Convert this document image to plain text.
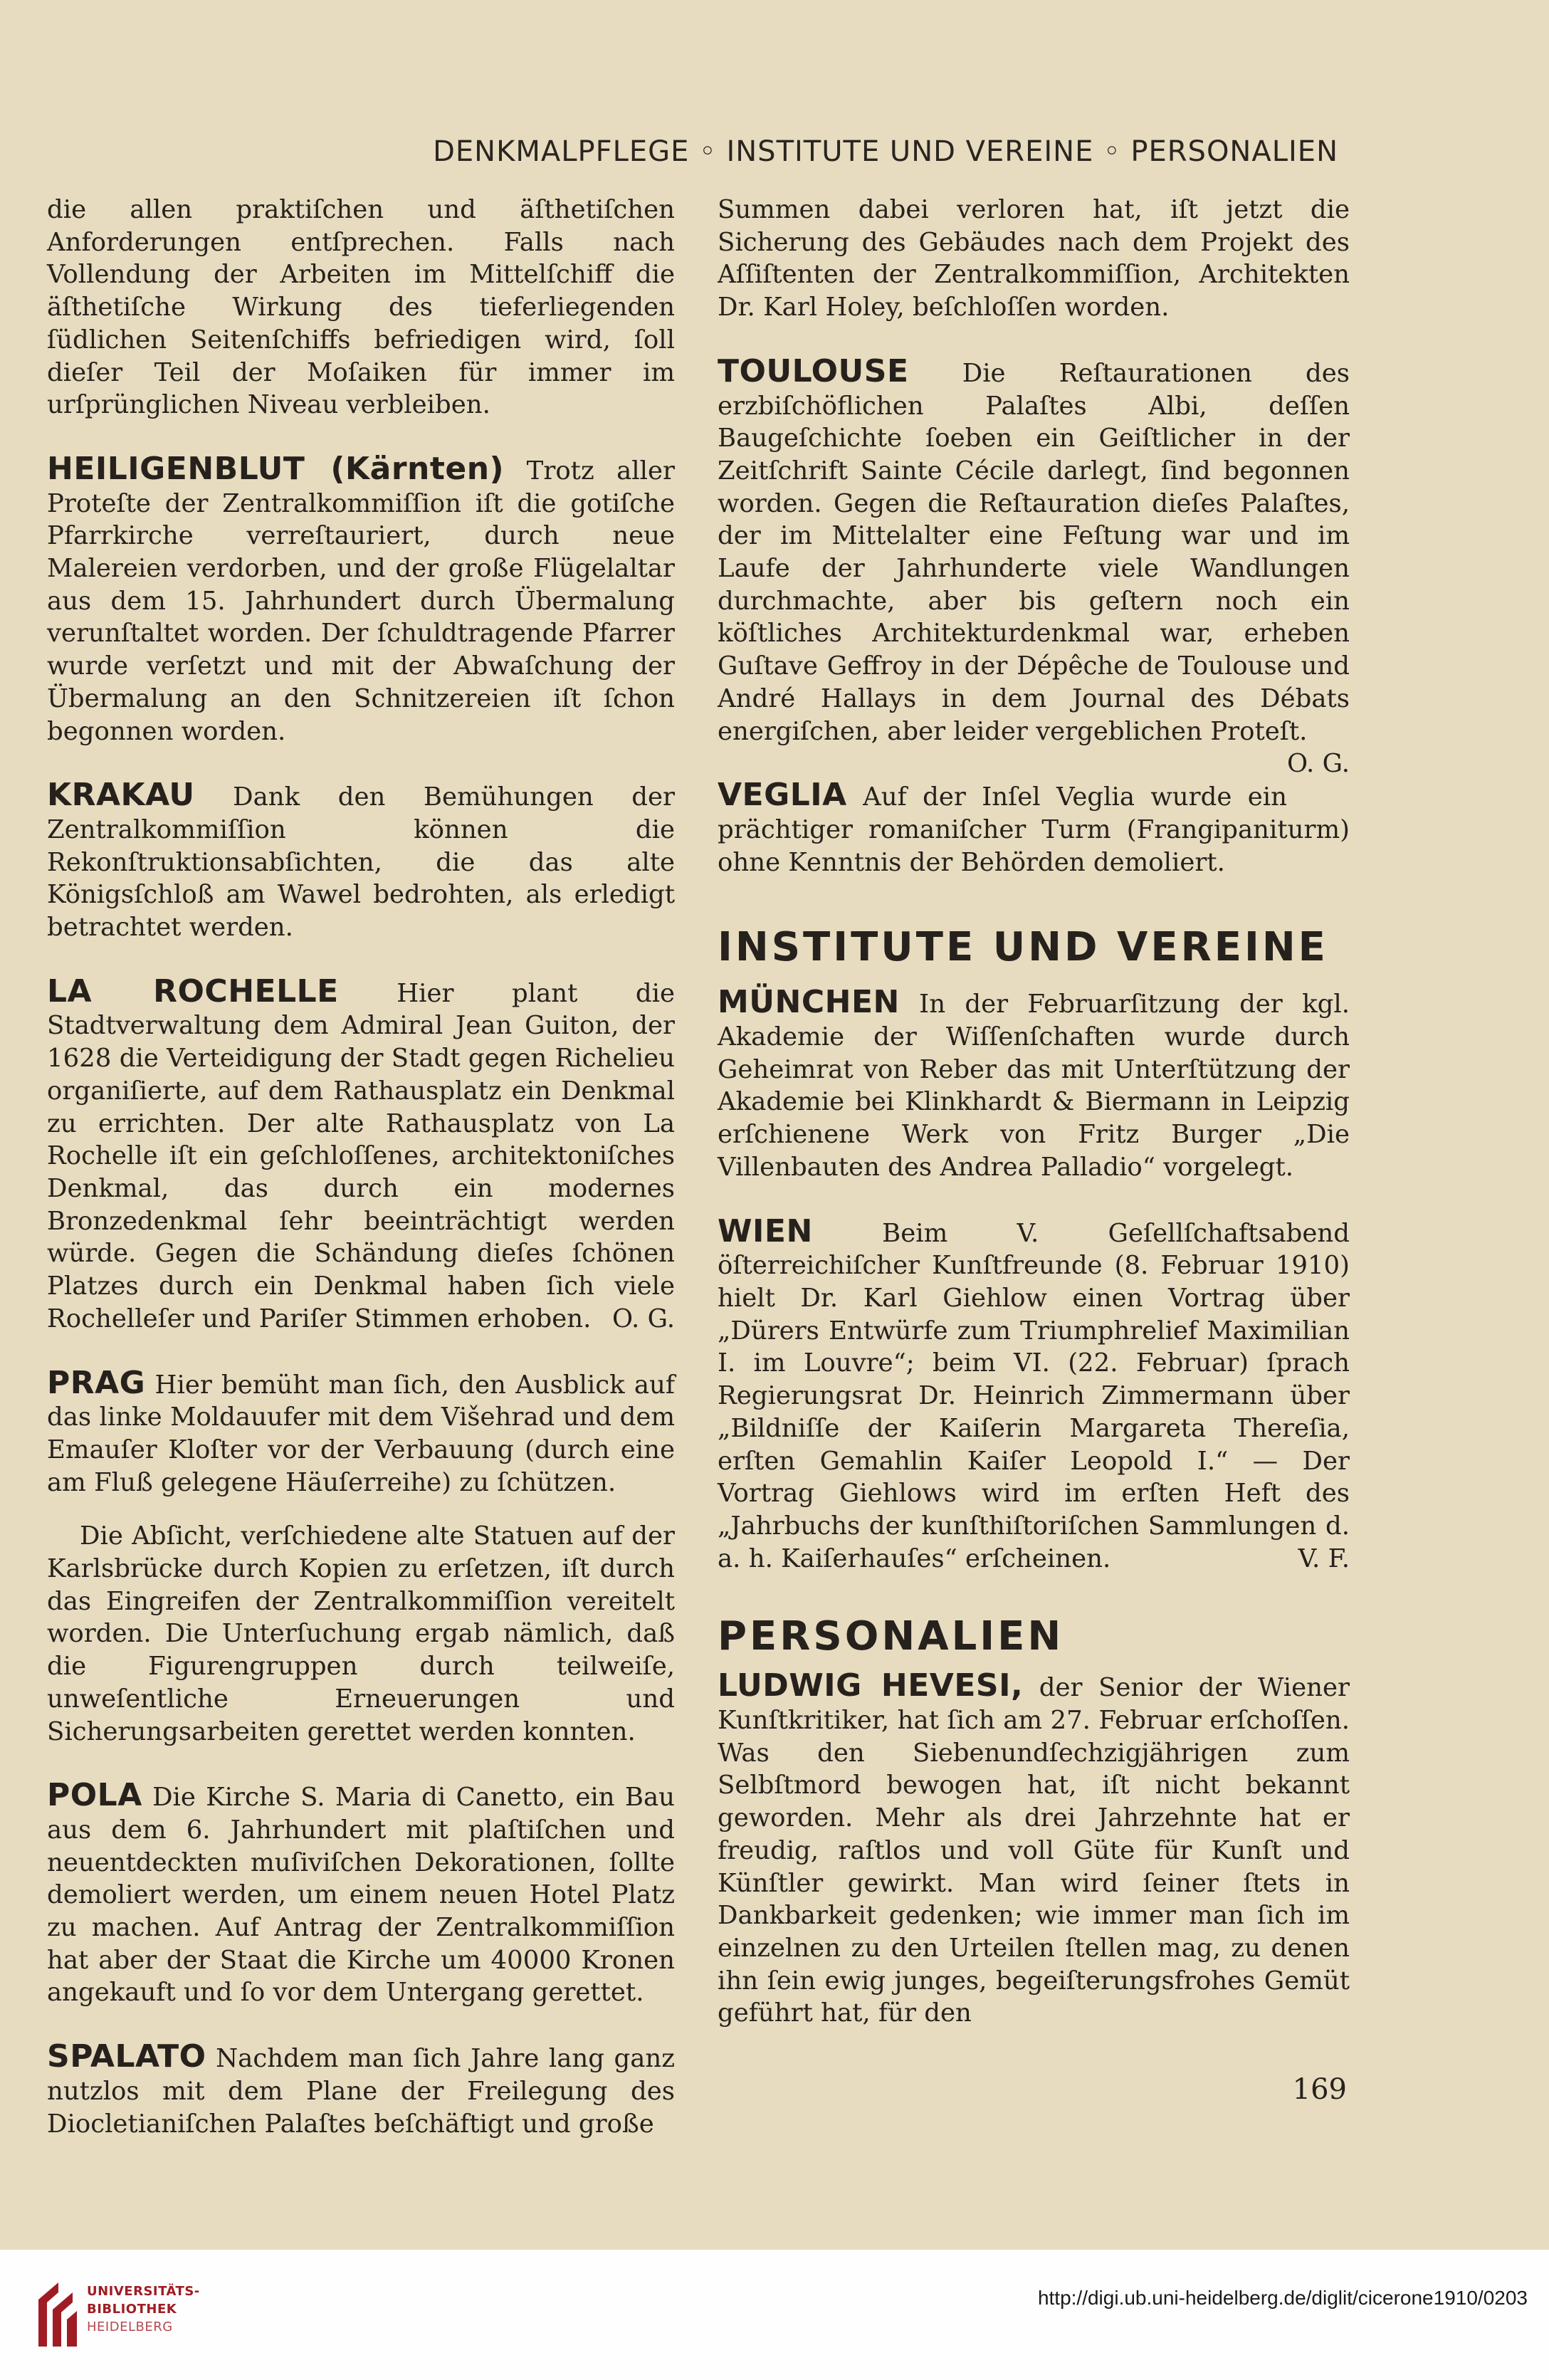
DENKMALPFLEGE ◦ INSTITUTE UND VEREINE ◦ PERSONALIEN

die allen praktiſchen und äſthetiſchen Anforderungen entſprechen. Falls nach Vollendung der Arbeiten im Mittelſchiff die äſthetiſche Wirkung des tieferliegenden ſüdlichen Seitenſchiffs befriedigen wird, ſoll dieſer Teil der Moſaiken für immer im urſprünglichen Niveau verbleiben.

HEILIGENBLUT (Kärnten) Trotz aller Proteſte der Zentralkommiſſion iſt die gotiſche Pfarrkirche verreſtauriert, durch neue Malereien verdorben, und der große Flügelaltar aus dem 15. Jahrhundert durch Übermalung verunſtaltet worden. Der ſchuldtragende Pfarrer wurde verſetzt und mit der Abwaſchung der Übermalung an den Schnitzereien iſt ſchon begonnen worden.

KRAKAU Dank den Bemühungen der Zentralkommiſſion können die Rekonſtruktionsabſichten, die das alte Königsſchloß am Wawel bedrohten, als erledigt betrachtet werden.

LA ROCHELLE Hier plant die Stadtverwaltung dem Admiral Jean Guiton, der 1628 die Verteidigung der Stadt gegen Richelieu organiſierte, auf dem Rathausplatz ein Denkmal zu errichten. Der alte Rathausplatz von La Rochelle iſt ein geſchloſſenes, architektoniſches Denkmal, das durch ein modernes Bronzedenkmal ſehr beeinträchtigt werden würde. Gegen die Schändung dieſes ſchönen Platzes durch ein Denkmal haben ſich viele Rochelleſer und Pariſer Stimmen erhoben. O. G.

PRAG Hier bemüht man ſich, den Ausblick auf das linke Moldauufer mit dem Višehrad und dem Emauſer Kloſter vor der Verbauung (durch eine am Fluß gelegene Häuſerreihe) zu ſchützen.

Die Abſicht, verſchiedene alte Statuen auf der Karlsbrücke durch Kopien zu erſetzen, iſt durch das Eingreifen der Zentralkommiſſion vereitelt worden. Die Unterſuchung ergab nämlich, daß die Figurengruppen durch teilweiſe, unweſentliche Erneuerungen und Sicherungsarbeiten gerettet werden konnten.

POLA Die Kirche S. Maria di Canetto, ein Bau aus dem 6. Jahrhundert mit plaſtiſchen und neuentdeckten muſiviſchen Dekorationen, ſollte demoliert werden, um einem neuen Hotel Platz zu machen. Auf Antrag der Zentralkommiſſion hat aber der Staat die Kirche um 40000 Kronen angekauft und ſo vor dem Untergang gerettet.

SPALATO Nachdem man ſich Jahre lang ganz nutzlos mit dem Plane der Freilegung des Diocletianiſchen Palaſtes beſchäftigt und große

Summen dabei verloren hat, iſt jetzt die Sicherung des Gebäudes nach dem Projekt des Aſſiſtenten der Zentralkommiſſion, Architekten Dr. Karl Holey, beſchloſſen worden.

TOULOUSE Die Reſtaurationen des erzbiſchöflichen Palaſtes Albi, deſſen Baugeſchichte ſoeben ein Geiſtlicher in der Zeitſchrift Sainte Cécile darlegt, ſind begonnen worden. Gegen die Reſtauration dieſes Palaſtes, der im Mittelalter eine Feſtung war und im Laufe der Jahrhunderte viele Wandlungen durchmachte, aber bis geſtern noch ein köſtliches Architekturdenkmal war, erheben Guſtave Geffroy in der Dépêche de Toulouse und André Hallays in dem Journal des Débats energiſchen, aber leider vergeblichen Proteſt.
O. G.

VEGLIA Auf der Inſel Veglia wurde ein prächtiger romaniſcher Turm (Frangipaniturm) ohne Kenntnis der Behörden demoliert.

INSTITUTE UND VEREINE

MÜNCHEN In der Februarſitzung der kgl. Akademie der Wiſſenſchaften wurde durch Geheimrat von Reber das mit Unterſtützung der Akademie bei Klinkhardt & Biermann in Leipzig erſchienene Werk von Fritz Burger „Die Villenbauten des Andrea Palladio“ vorgelegt.

WIEN Beim V. Geſellſchaftsabend öſterreichiſcher Kunſtfreunde (8. Februar 1910) hielt Dr. Karl Giehlow einen Vortrag über „Dürers Entwürfe zum Triumphrelief Maximilian I. im Louvre“; beim VI. (22. Februar) ſprach Regierungsrat Dr. Heinrich Zimmermann über „Bildniſſe der Kaiſerin Margareta Thereſia, erſten Gemahlin Kaiſer Leopold I.“ — Der Vortrag Giehlows wird im erſten Heft des „Jahrbuchs der kunſthiſtoriſchen Sammlungen d. a. h. Kaiſerhauſes“ erſcheinen.	V. F.

PERSONALIEN

LUDWIG HEVESI, der Senior der Wiener Kunſtkritiker, hat ſich am 27. Februar erſchoſſen. Was den Siebenundſechzigjährigen zum Selbſtmord bewogen hat, iſt nicht bekannt geworden. Mehr als drei Jahrzehnte hat er freudig, raſtlos und voll Güte für Kunſt und Künſtler gewirkt. Man wird ſeiner ſtets in Dankbarkeit gedenken; wie immer man ſich im einzelnen zu den Urteilen ſtellen mag, zu denen ihn ſein ewig junges, begeiſterungsfrohes Gemüt geführt hat, für den

169
UNIVERSITÄTS-
BIBLIOTHEK
HEIDELBERG
http://digi.ub.uni-heidelberg.de/diglit/cicerone1910/0203
